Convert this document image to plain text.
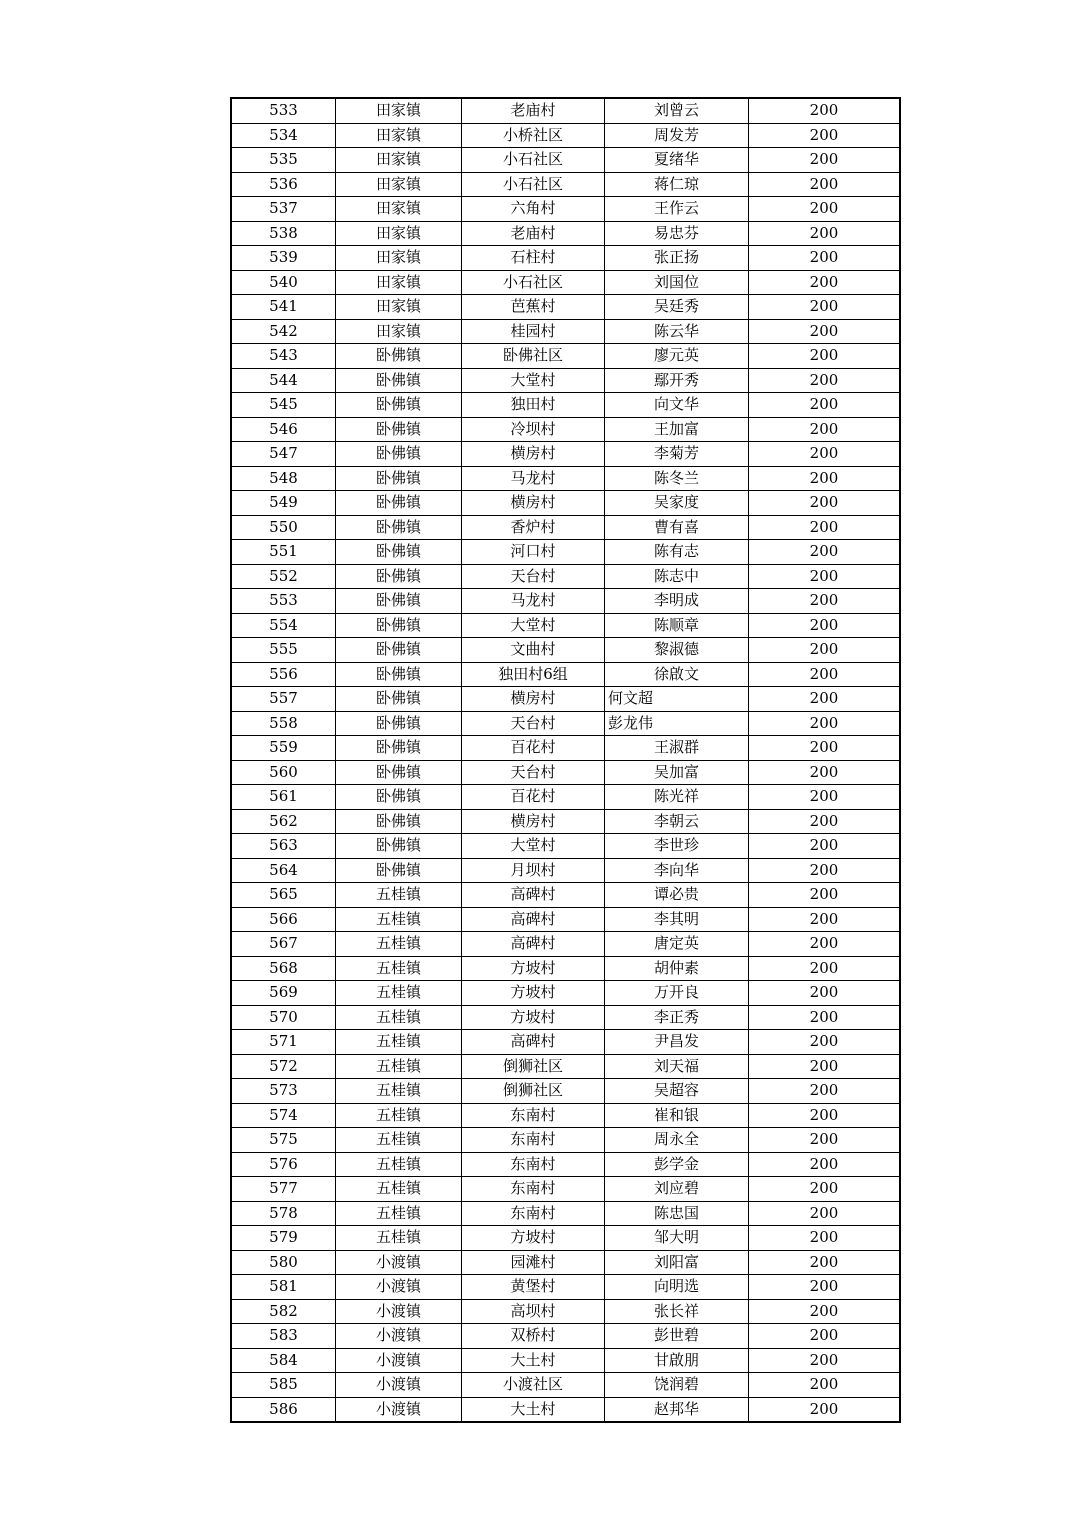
533	田家镇	老庙村	刘曾云	200
534	田家镇	小桥社区	周发芳	200
535	田家镇	小石社区	夏绪华	200
536	田家镇	小石社区	蒋仁琼	200
537	田家镇	六角村	王作云	200
538	田家镇	老庙村	易忠芬	200
539	田家镇	石柱村	张正扬	200
540	田家镇	小石社区	刘国位	200
541	田家镇	芭蕉村	吴廷秀	200
542	田家镇	桂园村	陈云华	200
543	卧佛镇	卧佛社区	廖元英	200
544	卧佛镇	大堂村	鄢开秀	200
545	卧佛镇	独田村	向文华	200
546	卧佛镇	冷坝村	王加富	200
547	卧佛镇	横房村	李菊芳	200
548	卧佛镇	马龙村	陈冬兰	200
549	卧佛镇	横房村	吴家度	200
550	卧佛镇	香炉村	曹有喜	200
551	卧佛镇	河口村	陈有志	200
552	卧佛镇	天台村	陈志中	200
553	卧佛镇	马龙村	李明成	200
554	卧佛镇	大堂村	陈顺章	200
555	卧佛镇	文曲村	黎淑德	200
556	卧佛镇	独田村6组	徐啟文	200
557	卧佛镇	横房村	何文超	200
558	卧佛镇	天台村	彭龙伟	200
559	卧佛镇	百花村	王淑群	200
560	卧佛镇	天台村	吴加富	200
561	卧佛镇	百花村	陈光祥	200
562	卧佛镇	横房村	李朝云	200
563	卧佛镇	大堂村	李世珍	200
564	卧佛镇	月坝村	李向华	200
565	五桂镇	高碑村	谭必贵	200
566	五桂镇	高碑村	李其明	200
567	五桂镇	高碑村	唐定英	200
568	五桂镇	方坡村	胡仲素	200
569	五桂镇	方坡村	万开良	200
570	五桂镇	方坡村	李正秀	200
571	五桂镇	高碑村	尹昌发	200
572	五桂镇	倒狮社区	刘天福	200
573	五桂镇	倒狮社区	吴超容	200
574	五桂镇	东南村	崔和银	200
575	五桂镇	东南村	周永全	200
576	五桂镇	东南村	彭学金	200
577	五桂镇	东南村	刘应碧	200
578	五桂镇	东南村	陈忠国	200
579	五桂镇	方坡村	邹大明	200
580	小渡镇	园滩村	刘阳富	200
581	小渡镇	黄堡村	向明选	200
582	小渡镇	高坝村	张长祥	200
583	小渡镇	双桥村	彭世碧	200
584	小渡镇	大土村	甘啟朋	200
585	小渡镇	小渡社区	饶润碧	200
586	小渡镇	大土村	赵邦华	200
